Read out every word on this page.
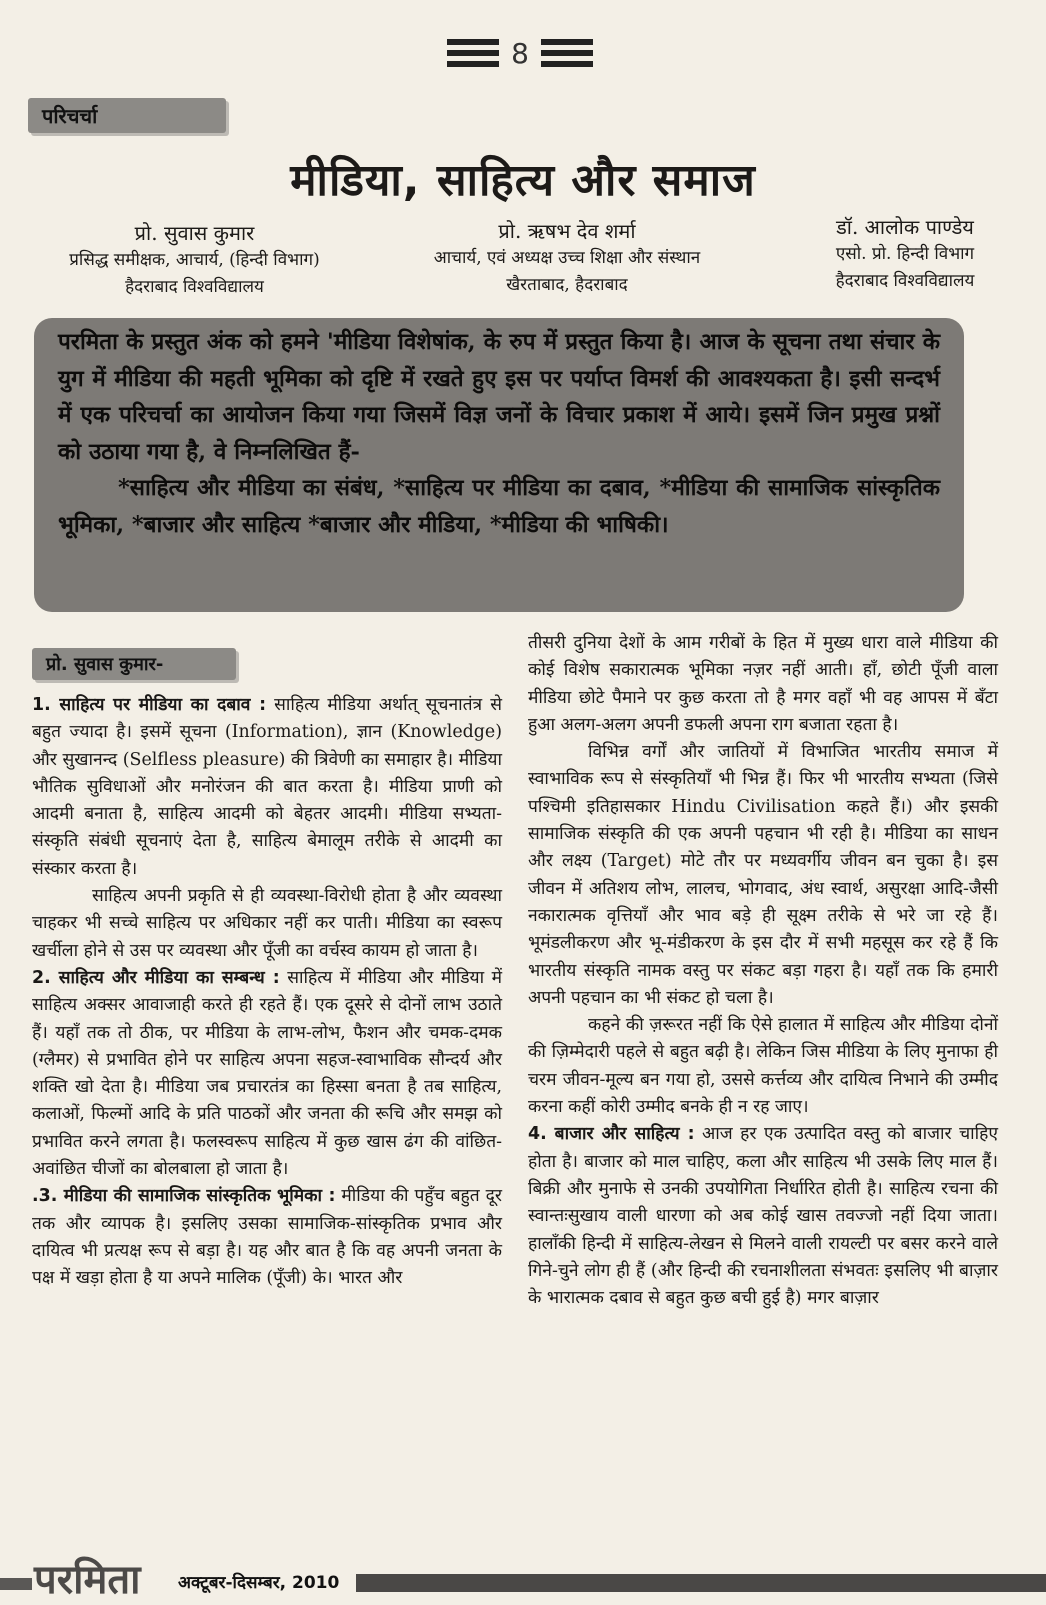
8
परिचर्चा
मीडिया, साहित्य और समाज
प्रो. सुवास कुमार
प्रसिद्ध समीक्षक, आचार्य, (हिन्दी विभाग)
हैदराबाद विश्वविद्यालय
प्रो. ऋषभ देव शर्मा
आचार्य, एवं अध्यक्ष उच्च शिक्षा और संस्थान
खैरताबाद, हैदराबाद
डॉ. आलोक पाण्डेय
एसो. प्रो. हिन्दी विभाग
हैदराबाद विश्वविद्यालय

परमिता के प्रस्तुत अंक को हमने 'मीडिया विशेषांक, के रुप में प्रस्तुत किया है। आज के सूचना तथा संचार के युग में मीडिया की महती भूमिका को दृष्टि में रखते हुए इस पर पर्याप्त विमर्श की आवश्यकता है। इसी सन्दर्भ में एक परिचर्चा का आयोजन किया गया जिसमें विज्ञ जनों के विचार प्रकाश में आये। इसमें जिन प्रमुख प्रश्नों को उठाया गया है, वे निम्नलिखित हैं-

*साहित्य और मीडिया का संबंध, *साहित्य पर मीडिया का दबाव, *मीडिया की सामाजिक सांस्कृतिक भूमिका, *बाजार और साहित्य *बाजार और मीडिया, *मीडिया की भाषिकी।

प्रो. सुवास कुमार-

1. साहित्य पर मीडिया का दबाव : साहित्य मीडिया अर्थात् सूचनातंत्र से बहुत ज्यादा है। इसमें सूचना (Information), ज्ञान (Knowledge) और सुखानन्द (Selfless pleasure) की त्रिवेणी का समाहार है। मीडिया भौतिक सुविधाओं और मनोरंजन की बात करता है। मीडिया प्राणी को आदमी बनाता है, साहित्य आदमी को बेहतर आदमी। मीडिया सभ्यता-संस्कृति संबंधी सूचनाएं देता है, साहित्य बेमालूम तरीके से आदमी का संस्कार करता है।

साहित्य अपनी प्रकृति से ही व्यवस्था-विरोधी होता है और व्यवस्था चाहकर भी सच्चे साहित्य पर अधिकार नहीं कर पाती। मीडिया का स्वरूप खर्चीला होने से उस पर व्यवस्था और पूँजी का वर्चस्व कायम हो जाता है।

2. साहित्य और मीडिया का सम्बन्ध : साहित्य में मीडिया और मीडिया में साहित्य अक्सर आवाजाही करते ही रहते हैं। एक दूसरे से दोनों लाभ उठाते हैं। यहाँ तक तो ठीक, पर मीडिया के लाभ-लोभ, फैशन और चमक-दमक (ग्लैमर) से प्रभावित होने पर साहित्य अपना सहज-स्वाभाविक सौन्दर्य और शक्ति खो देता है। मीडिया जब प्रचारतंत्र का हिस्सा बनता है तब साहित्य, कलाओं, फिल्मों आदि के प्रति पाठकों और जनता की रूचि और समझ को प्रभावित करने लगता है। फलस्वरूप साहित्य में कुछ खास ढंग की वांछित-अवांछित चीजों का बोलबाला हो जाता है।

.3. मीडिया की सामाजिक सांस्कृतिक भूमिका : मीडिया की पहुँच बहुत दूर तक और व्यापक है। इसलिए उसका सामाजिक-सांस्कृतिक प्रभाव और दायित्व भी प्रत्यक्ष रूप से बड़ा है। यह और बात है कि वह अपनी जनता के पक्ष में खड़ा होता है या अपने मालिक (पूँजी) के। भारत और

तीसरी दुनिया देशों के आम गरीबों के हित में मुख्य धारा वाले मीडिया की कोई विशेष सकारात्मक भूमिका नज़र नहीं आती। हाँ, छोटी पूँजी वाला मीडिया छोटे पैमाने पर कुछ करता तो है मगर वहाँ भी वह आपस में बँटा हुआ अलग-अलग अपनी डफली अपना राग बजाता रहता है।

विभिन्न वर्गों और जातियों में विभाजित भारतीय समाज में स्वाभाविक रूप से संस्कृतियाँ भी भिन्न हैं। फिर भी भारतीय सभ्यता (जिसे पश्चिमी इतिहासकार Hindu Civilisation कहते हैं।) और इसकी सामाजिक संस्कृति की एक अपनी पहचान भी रही है। मीडिया का साधन और लक्ष्य (Target) मोटे तौर पर मध्यवर्गीय जीवन बन चुका है। इस जीवन में अतिशय लोभ, लालच, भोगवाद, अंध स्वार्थ, असुरक्षा आदि-जैसी नकारात्मक वृत्तियाँ और भाव बड़े ही सूक्ष्म तरीके से भरे जा रहे हैं। भूमंडलीकरण और भू-मंडीकरण के इस दौर में सभी महसूस कर रहे हैं कि भारतीय संस्कृति नामक वस्तु पर संकट बड़ा गहरा है। यहाँ तक कि हमारी अपनी पहचान का भी संकट हो चला है।

कहने की ज़रूरत नहीं कि ऐसे हालात में साहित्य और मीडिया दोनों की ज़िम्मेदारी पहले से बहुत बढ़ी है। लेकिन जिस मीडिया के लिए मुनाफा ही चरम जीवन-मूल्य बन गया हो, उससे कर्त्तव्य और दायित्व निभाने की उम्मीद करना कहीं कोरी उम्मीद बनके ही न रह जाए।

4. बाजार और साहित्य : आज हर एक उत्पादित वस्तु को बाजार चाहिए होता है। बाजार को माल चाहिए, कला और साहित्य भी उसके लिए माल हैं। बिक्री और मुनाफे से उनकी उपयोगिता निर्धारित होती है। साहित्य रचना की स्वान्तःसुखाय वाली धारणा को अब कोई खास तवज्जो नहीं दिया जाता। हालाँकी हिन्दी में साहित्य-लेखन से मिलने वाली रायल्टी पर बसर करने वाले गिने-चुने लोग ही हैं (और हिन्दी की रचनाशीलता संभवतः इसलिए भी बाज़ार के भारात्मक दबाव से बहुत कुछ बची हुई है) मगर बाज़ार

परमिता अक्टूबर-दिसम्बर, 2010
